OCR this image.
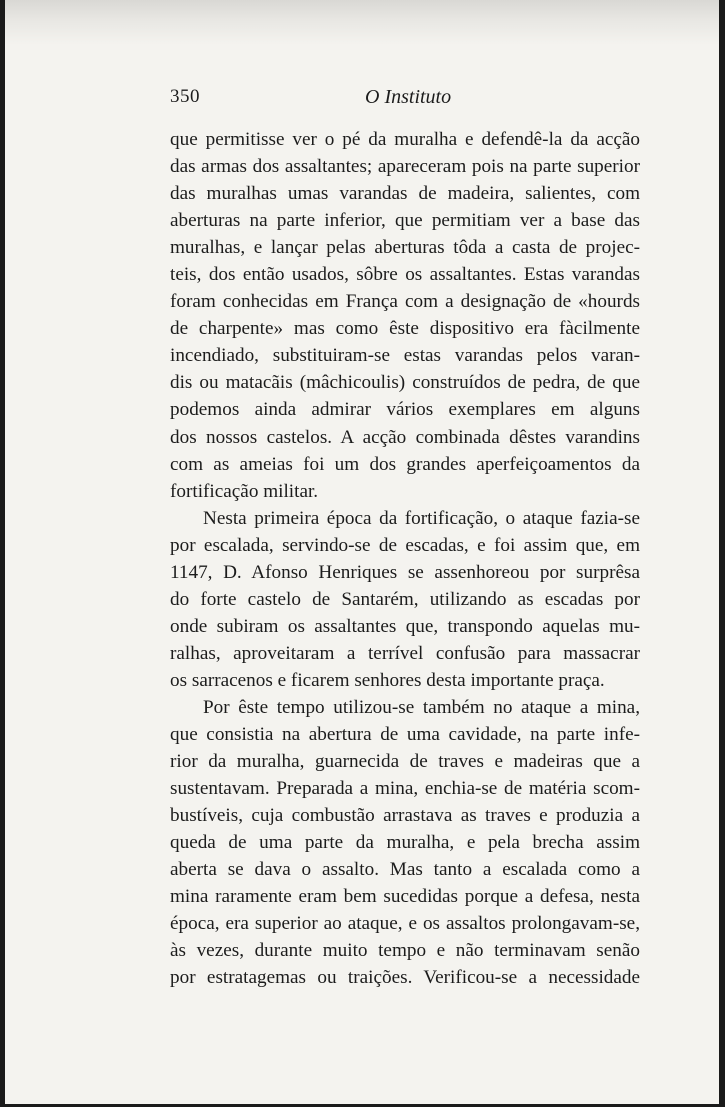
350	O Instituto
que permitisse ver o pé da muralha e defendê-la da acção
das armas dos assaltantes; apareceram pois na parte superior
das muralhas umas varandas de madeira, salientes, com
aberturas na parte inferior, que permitiam ver a base das
muralhas, e lançar pelas aberturas tôda a casta de projec-
teis, dos então usados, sôbre os assaltantes. Estas varandas
foram conhecidas em França com a designação de «hourds
de charpente» mas como êste dispositivo era fàcilmente
incendiado, substituiram-se estas varandas pelos varan-
dis ou matacãis (mâchicoulis) construídos de pedra, de que
podemos ainda admirar vários exemplares em alguns
dos nossos castelos. A acção combinada dêstes varandins
com as ameias foi um dos grandes aperfeiçoamentos da
fortificação militar.
Nesta primeira época da fortificação, o ataque fazia-se
por escalada, servindo-se de escadas, e foi assim que, em
1147, D. Afonso Henriques se assenhoreou por surprêsa
do forte castelo de Santarém, utilizando as escadas por
onde subiram os assaltantes que, transpondo aquelas mu-
ralhas, aproveitaram a terrível confusão para massacrar
os sarracenos e ficarem senhores desta importante praça.
Por êste tempo utilizou-se também no ataque a mina,
que consistia na abertura de uma cavidade, na parte infe-
rior da muralha, guarnecida de traves e madeiras que a
sustentavam. Preparada a mina, enchia-se de matéria scom-
bustíveis, cuja combustão arrastava as traves e produzia a
queda de uma parte da muralha, e pela brecha assim
aberta se dava o assalto. Mas tanto a escalada como a
mina raramente eram bem sucedidas porque a defesa, nesta
época, era superior ao ataque, e os assaltos prolongavam-se,
às vezes, durante muito tempo e não terminavam senão
por estratagemas ou traições. Verificou-se a necessidade
